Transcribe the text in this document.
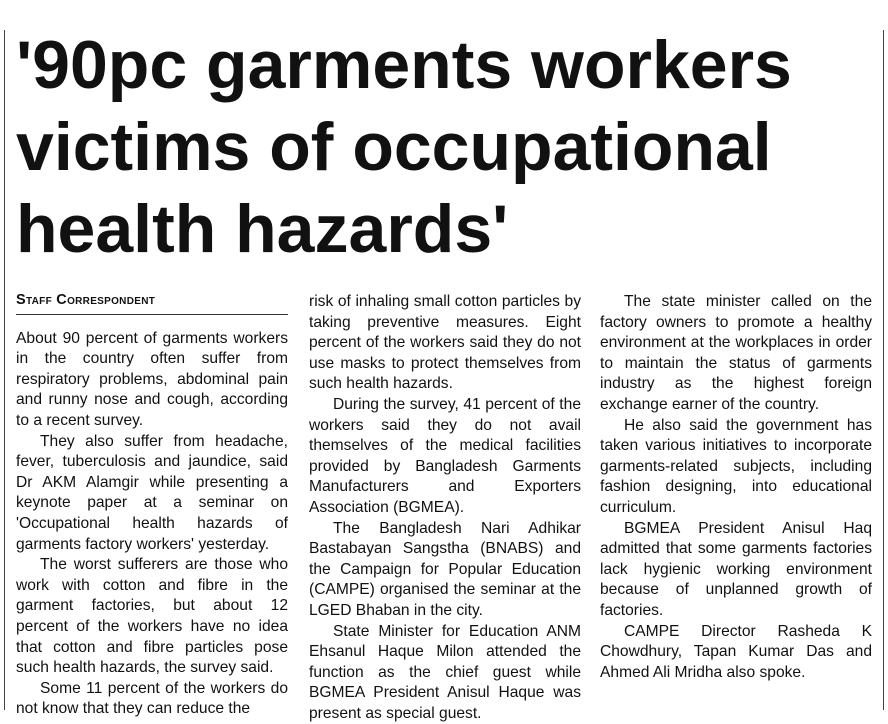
'90pc garments workers
victims of occupational
health hazards'
Staff Correspondent

About 90 percent of garments workers in the country often suffer from respiratory problems, abdominal pain and runny nose and cough, according to a recent survey.

They also suffer from headache, fever, tuberculosis and jaundice, said Dr AKM Alamgir while presenting a keynote paper at a seminar on 'Occupational health hazards of garments factory workers' yesterday.

The worst sufferers are those who work with cotton and fibre in the garment factories, but about 12 percent of the workers have no idea that cotton and fibre particles pose such health hazards, the survey said.

Some 11 percent of the workers do not know that they can reduce the

risk of inhaling small cotton particles by taking preventive measures. Eight percent of the workers said they do not use masks to protect themselves from such health hazards.

During the survey, 41 percent of the workers said they do not avail themselves of the medical facilities provided by Bangladesh Garments Manufacturers and Exporters Association (BGMEA).

The Bangladesh Nari Adhikar Bastabayan Sangstha (BNABS) and the Campaign for Popular Education (CAMPE) organised the seminar at the LGED Bhaban in the city.

State Minister for Education ANM Ehsanul Haque Milon attended the function as the chief guest while BGMEA President Anisul Haque was present as special guest.

The state minister called on the factory owners to promote a healthy environment at the workplaces in order to maintain the status of garments industry as the highest foreign exchange earner of the country.

He also said the government has taken various initiatives to incorporate garments-related subjects, including fashion designing, into educational curriculum.

BGMEA President Anisul Haq admitted that some garments factories lack hygienic working environment because of unplanned growth of factories.

CAMPE Director Rasheda K Chowdhury, Tapan Kumar Das and Ahmed Ali Mridha also spoke.
